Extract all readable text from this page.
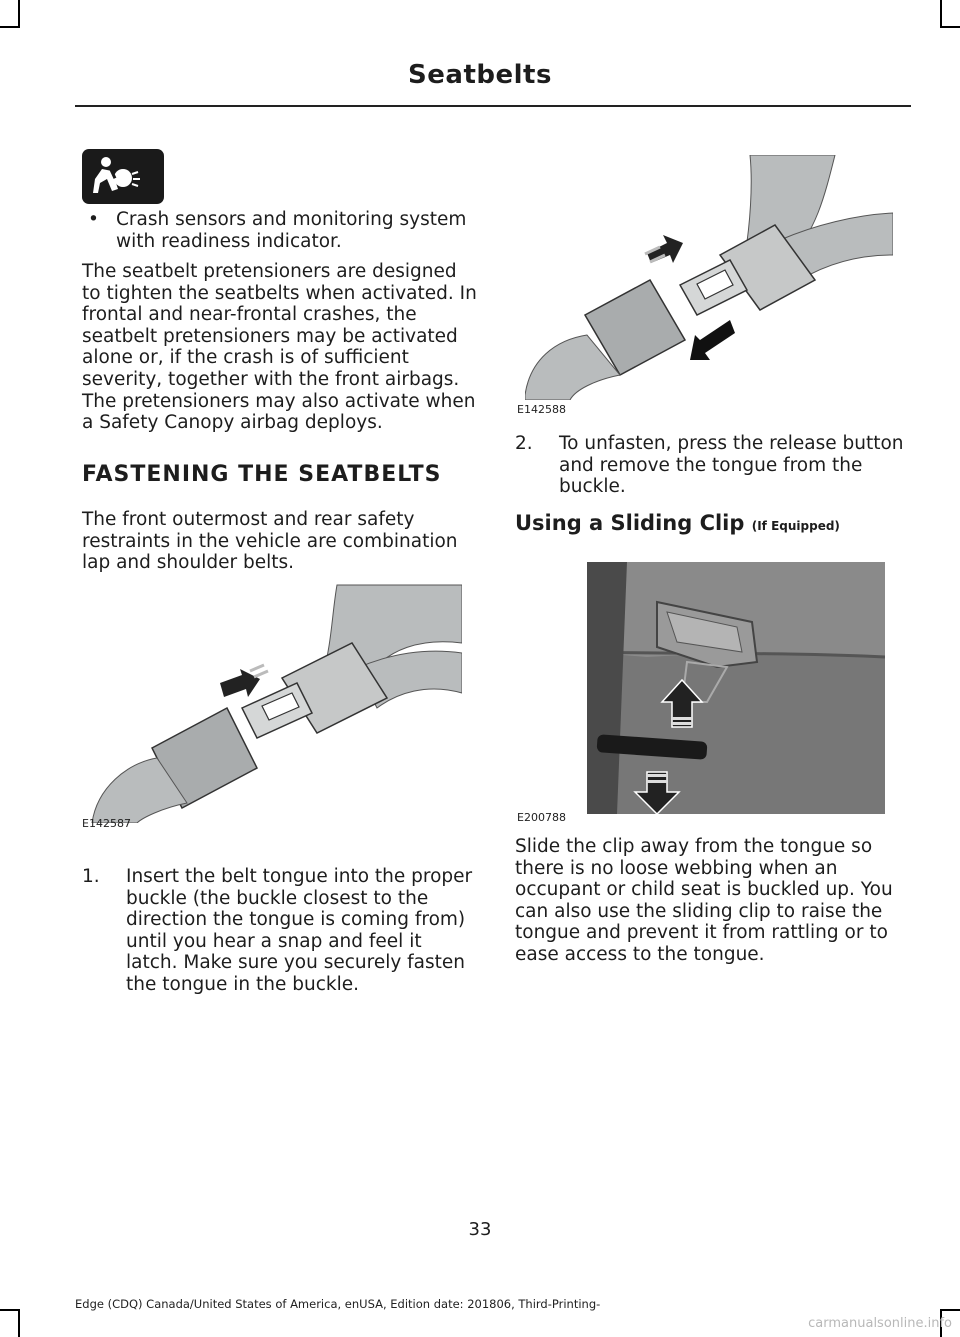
Seatbelts
• Crash sensors and monitoring system with readiness indicator.
The seatbelt pretensioners are designed to tighten the seatbelts when activated. In frontal and near-frontal crashes, the seatbelt pretensioners may be activated alone or, if the crash is of sufficient severity, together with the front airbags. The pretensioners may also activate when a Safety Canopy airbag deploys.
FASTENING THE SEATBELTS
The front outermost and rear safety restraints in the vehicle are combination lap and shoulder belts.
E142587
1. Insert the belt tongue into the proper buckle (the buckle closest to the direction the tongue is coming from) until you hear a snap and feel it latch. Make sure you securely fasten the tongue in the buckle.
E142588
2. To unfasten, press the release button and remove the tongue from the buckle.
Using a Sliding Clip (If Equipped)
E200788
Slide the clip away from the tongue so there is no loose webbing when an occupant or child seat is buckled up. You can also use the sliding clip to raise the tongue and prevent it from rattling or to ease access to the tongue.
33
Edge (CDQ) Canada/United States of America, enUSA, Edition date: 201806, Third-Printing-
carmanualsonline.info
